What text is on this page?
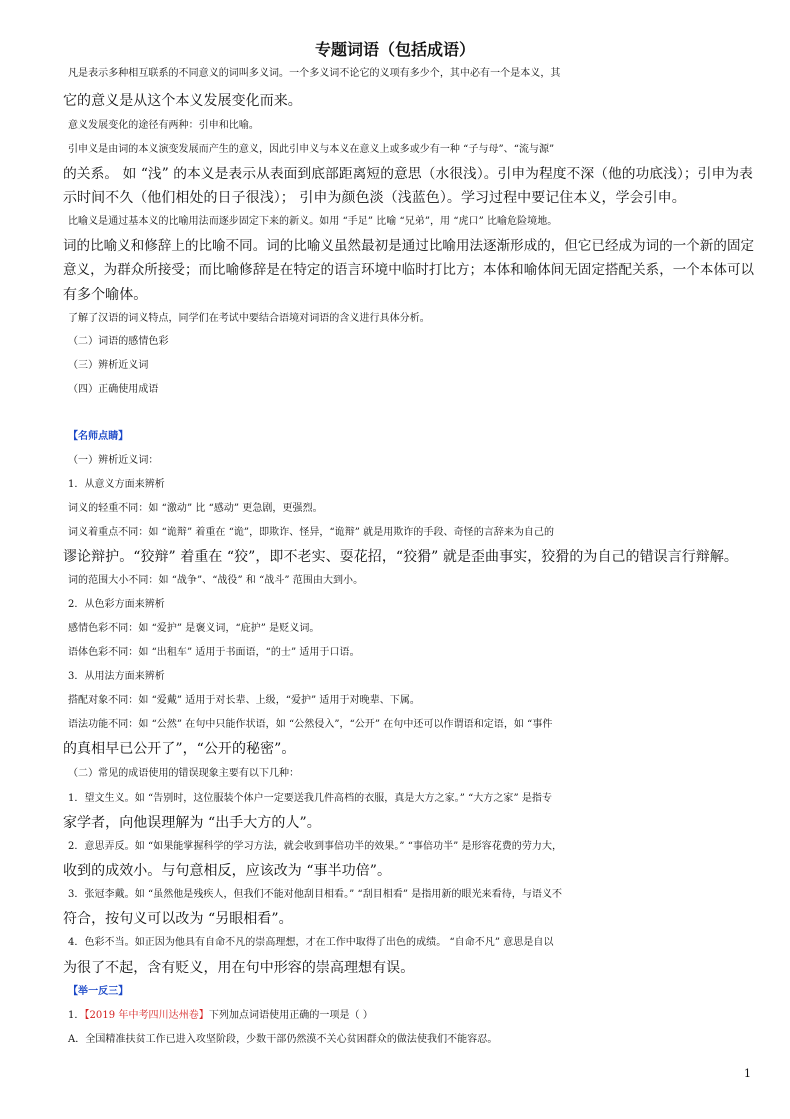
专题词语（包括成语）
凡是表示多种相互联系的不同意义的词叫多义词。一个多义词不论它的义项有多少个，其中必有一个是本义，其
它的意义是从这个本义发展变化而来。
意义发展变化的途径有两种：引申和比喻。
引申义是由词的本义演变发展而产生的意义，因此引申义与本义在意义上或多或少有一种 “子与母”、“流与源”
的关系。 如 “浅” 的本义是表示从表面到底部距离短的意思（水很浅）。引申为程度不深（他的功底浅）；引申为表
示时间不久（他们相处的日子很浅）； 引申为颜色淡（浅蓝色）。学习过程中要记住本义，学会引申。
比喻义是通过基本义的比喻用法而逐步固定下来的新义。如用 “手足” 比喻 “兄弟”，用 “虎口” 比喻危险境地。
词的比喻义和修辞上的比喻不同。词的比喻义虽然最初是通过比喻用法逐渐形成的，但它已经成为词的一个新的固定
意义，为群众所接受；而比喻修辞是在特定的语言环境中临时打比方；本体和喻体间无固定搭配关系，一个本体可以
有多个喻体。
了解了汉语的词义特点，同学们在考试中要结合语境对词语的含义进行具体分析。
（二）词语的感情色彩
（三）辨析近义词
（四）正确使用成语
【名师点睛】
（一）辨析近义词：
1．从意义方面来辨析
词义的轻重不同：如 “激动” 比 “感动” 更急剧，更强烈。
词义着重点不同：如 “诡辩” 着重在 “诡”，即欺诈、怪异，“诡辩” 就是用欺诈的手段、奇怪的言辞来为自己的
谬论辩护。“狡辩” 着重在 “狡”，即不老实、耍花招，“狡猾” 就是歪曲事实，狡猾的为自己的错误言行辩解。
词的范围大小不同：如 “战争”、“战役” 和 “战斗” 范围由大到小。
2．从色彩方面来辨析
感情色彩不同：如 “爱护” 是褒义词，“庇护” 是贬义词。
语体色彩不同：如 “出租车” 适用于书面语，“的士” 适用于口语。
3．从用法方面来辨析
搭配对象不同：如 “爱戴” 适用于对长辈、上级，“爱护” 适用于对晚辈、下属。
语法功能不同：如 “公然” 在句中只能作状语，如 “公然侵入”，“公开” 在句中还可以作谓语和定语，如 “事件
的真相早已公开了”，“公开的秘密”。
（二）常见的成语使用的错误现象主要有以下几种：
1．望文生义。如 “告别时，这位服装个体户一定要送我几件高档的衣服，真是大方之家。” “大方之家” 是指专
家学者，向他误理解为 “出手大方的人”。
2．意思弄反。如 “如果能掌握科学的学习方法，就会收到事倍功半的效果。” “事倍功半” 是形容花费的劳力大，
收到的成效小。与句意相反，应该改为 “事半功倍”。
3．张冠李戴。如 “虽然他是残疾人，但我们不能对他刮目相看。” “刮目相看” 是指用新的眼光来看待，与语义不
符合，按句义可以改为 “另眼相看”。
4．色彩不当。如正因为他具有自命不凡的崇高理想，才在工作中取得了出色的成绩。 “自命不凡” 意思是自以
为很了不起，含有贬义，用在句中形容的崇高理想有误。
【举一反三】
1．【2019 年中考四川达州卷】下列加点词语使用正确的一项是（ ）
A．全国精准扶贫工作已进入攻坚阶段，少数干部仍然漠不关心贫困群众的做法使我们不能容忍。
1
